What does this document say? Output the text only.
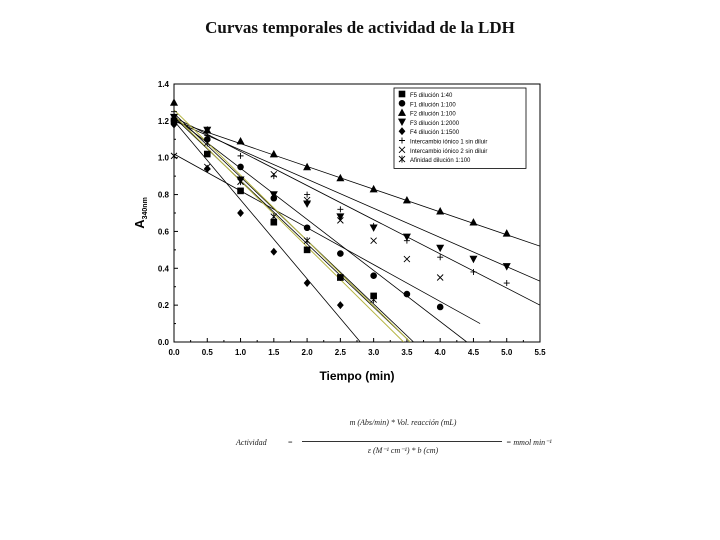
Curvas temporales de actividad de la LDH
0.0	0.5	1.0	1.5	2.0	2.5	3.0	3.5	4.0	4.5	5.0	5.5
0.0
0.2
0.4
0.6
0.8
1.0
1.2
1.4
Tiempo (min)
A340nm
F5 dilución 1:40
F1 dilución 1:100
F2 dilución 1:100
F3 dilución 1:2000
F4 dilución 1:1500
Intercambio iónico 1 sin diluir
Intercambio iónico 2 sin diluir
Afinidad dilución 1:100
Actividad	=
m (Abs/min) * Vol. reacción (mL)
ε (M⁻¹ cm⁻¹) * b (cm)
= mmol min⁻¹
